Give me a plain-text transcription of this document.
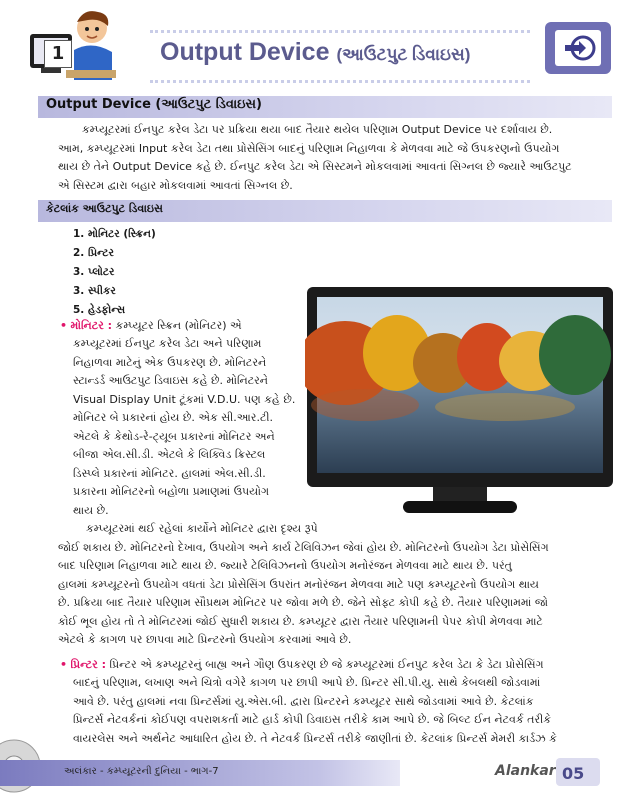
1	Output Device (આઉટપુટ ડિવાઇસ)
Output Device (આઉટપુટ ડિવાઇસ)
કમ્પ્યૂટરમાં ઈનપુટ કરેલ ડેટા પર પ્રક્રિયા થયા બાદ તૈયાર થયેલ પરિણામ Output Device પર દર્શાવાય છે.
આમ, કમ્પ્યૂટરમાં Input કરેલ ડેટા તથા પ્રોસેસિંગ બાદનું પરિણામ નિહાળવા કે મેળવવા માટે જે ઉપકરણનો ઉપયોગ
થાય છે તેને Output Device કહે છે. ઈનપુટ કરેલ ડેટા એ સિસ્ટમને મોકલવામાં આવતાં સિગ્નલ છે જ્યારે આઉટપુટ
એ સિસ્ટમ દ્વારા બહાર મોકલવામાં આવતાં સિગ્નલ છે.
કેટલાંક આઉટપુટ ડિવાઇસ
1. મોનિટર (સ્ક્રિન)
2. પ્રિન્ટર
3. પ્લોટર
3. સ્પીકર
5. હેડફોન્સ
• મોનિટર : કમ્પ્યૂટર સ્ક્રિન (મોનિટર) એ
કમ્પ્યૂટરમાં ઈનપુટ કરેલ ડેટા અને પરિણામ
નિહાળવા માટેનું એક ઉપકરણ છે. મોનિટરને
સ્ટાન્ડર્ડ આઉટપુટ ડિવાઇસ કહે છે. મોનિટરને
Visual Display Unit ટૂંકમાં V.D.U. પણ કહે છે.
મોનિટર બે પ્રકારનાં હોય છે. એક સી.આર.ટી.
એટલે કે કેથોડ-રે-ટ્યૂબ પ્રકારનાં મોનિટર અને
બીજા એલ.સી.ડી. એટલે કે લિક્વિડ ક્રિસ્ટલ
ડિસ્પ્લે પ્રકારનાં મોનિટર. હાલમાં એલ.સી.ડી.
પ્રકારના મોનિટરનો બહોળા પ્રમાણમાં ઉપયોગ
થાય છે.
કમ્પ્યૂટરમાં થઈ રહેલાં કાર્યોને મોનિટર દ્વારા દૃશ્ય રૂપે
જોઈ શકાય છે. મોનિટરનો દેખાવ, ઉપયોગ અને કાર્ય ટેલિવિઝન જેવાં હોય છે. મોનિટરનો ઉપયોગ ડેટા પ્રોસેસિંગ
બાદ પરિણામ નિહાળવા માટે થાય છે. જ્યારે ટેલિવિઝનનો ઉપયોગ મનોરંજન મેળવવા માટે થાય છે. પરંતુ
હાલમાં કમ્પ્યૂટરનો ઉપયોગ વધતાં ડેટા પ્રોસેસિંગ ઉપરાંત મનોરંજન મેળવવા માટે પણ કમ્પ્યૂટરનો ઉપયોગ થાય
છે. પ્રક્રિયા બાદ તૈયાર પરિણામ સૌપ્રથમ મોનિટર પર જોવા મળે છે. જેને સોફ્ટ કોપી કહે છે. તૈયાર પરિણામમાં જો
કોઈ ભૂલ હોય તો તે મોનિટરમાં જોઈ સુધારી શકાય છે. કમ્પ્યૂટર દ્વારા તૈયાર પરિણામની પેપર કોપી મેળવવા માટે
એટલે કે કાગળ પર છાપવા માટે પ્રિન્ટરનો ઉપયોગ કરવામાં આવે છે.
• પ્રિન્ટર : પ્રિન્ટર એ કમ્પ્યૂટરનું બાહ્ય અને ગૌણ ઉપકરણ છે જે કમ્પ્યૂટરમાં ઈનપુટ કરેલ ડેટા કે ડેટા પ્રોસેસિંગ
બાદનું પરિણામ, લખાણ અને ચિત્રો વગેરે કાગળ પર છાપી આપે છે. પ્રિન્ટર સી.પી.યુ. સાથે કેબલથી જોડવામાં
આવે છે. પરંતુ હાલમાં નવા પ્રિન્ટર્સમાં યુ.એસ.બી. દ્વારા પ્રિન્ટરને કમ્પ્યૂટર સાથે જોડવામાં આવે છે. કેટલાંક
પ્રિન્ટર્સ નેટવર્કનાં કોઈપણ વપરાશકર્તા માટે હાર્ડ કોપી ડિવાઇસ તરીકે કામ આપે છે. જે બિલ્ટ ઈન નેટવર્ક તરીકે
વાયરલેસ અને અર્થનેટ આધારિત હોય છે. તે નેટવર્ક પ્રિન્ટર્સ તરીકે જાણીતાં છે. કેટલાંક પ્રિન્ટર્સ મેમરી કાર્ડઝ કે
અલંકાર - કમ્પ્યૂટરની દુનિયા - ભાગ-7	Alankar 05
